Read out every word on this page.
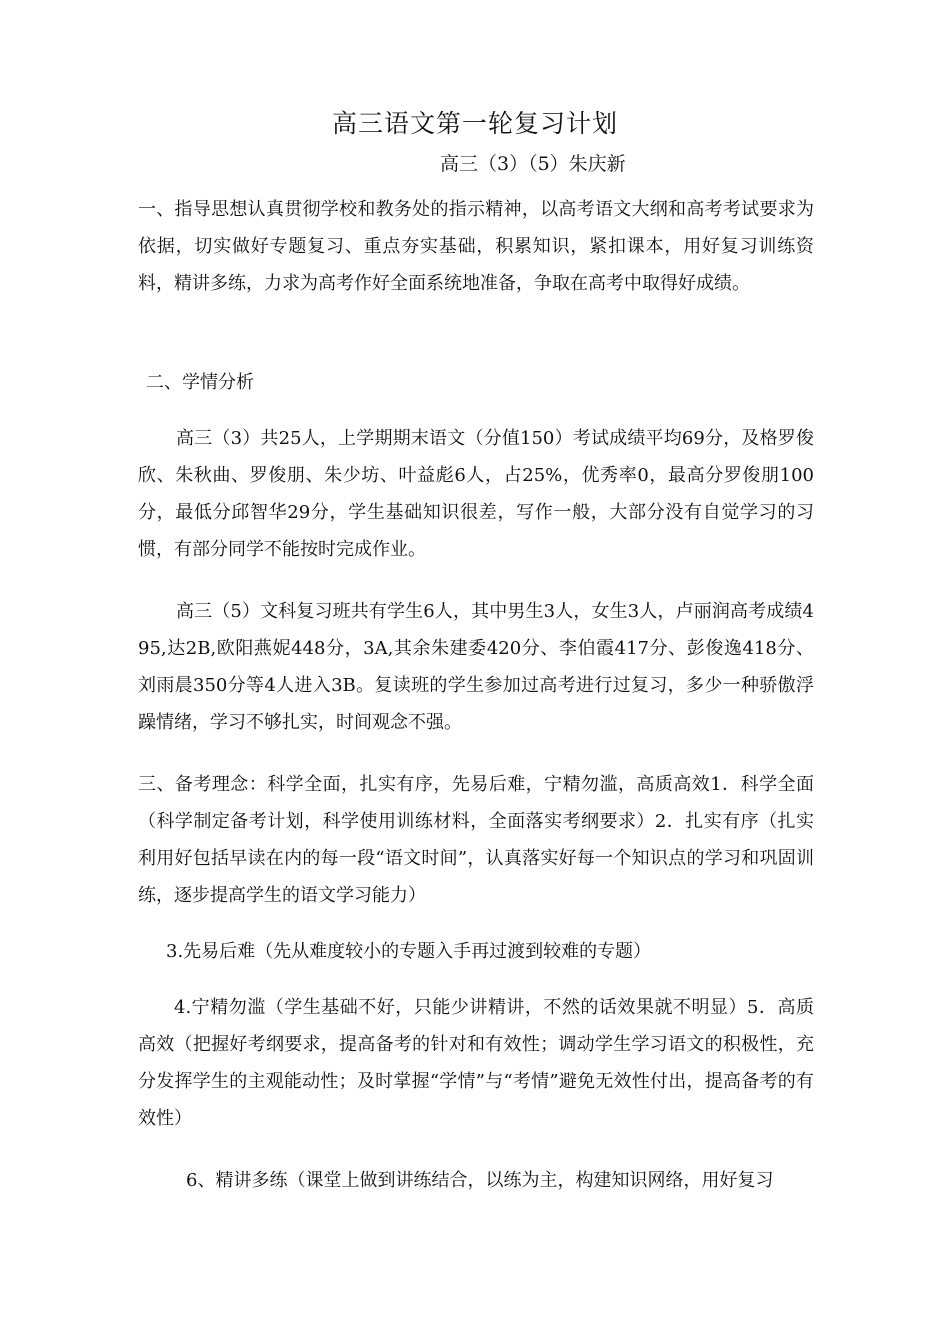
高三语文第一轮复习计划
高三（3）（5）朱庆新
一、指导思想认真贯彻学校和教务处的指示精神，以高考语文大纲和高考考试要求为依据，切实做好专题复习、重点夯实基础，积累知识，紧扣课本，用好复习训练资料，精讲多练，力求为高考作好全面系统地准备，争取在高考中取得好成绩。
二、学情分析
高三（3）共25人，上学期期末语文（分值150）考试成绩平均69分，及格罗俊欣、朱秋曲、罗俊朋、朱少坊、叶益彪6人，占25%，优秀率0，最高分罗俊朋100分，最低分邱智华29分，学生基础知识很差，写作一般，大部分没有自觉学习的习惯，有部分同学不能按时完成作业。
高三（5）文科复习班共有学生6人，其中男生3人，女生3人，卢丽润高考成绩495,达2B,欧阳燕妮448分，3A,其余朱建委420分、李伯霞417分、彭俊逸418分、刘雨晨350分等4人进入3B。复读班的学生参加过高考进行过复习，多少一种骄傲浮躁情绪，学习不够扎实，时间观念不强。
三、备考理念：科学全面，扎实有序，先易后难，宁精勿滥，高质高效1．科学全面（科学制定备考计划，科学使用训练材料，全面落实考纲要求）2．扎实有序（扎实利用好包括早读在内的每一段“语文时间”，认真落实好每一个知识点的学习和巩固训练，逐步提高学生的语文学习能力）
3.先易后难（先从难度较小的专题入手再过渡到较难的专题）
4.宁精勿滥（学生基础不好，只能少讲精讲，不然的话效果就不明显）5．高质高效（把握好考纲要求，提高备考的针对和有效性；调动学生学习语文的积极性，充分发挥学生的主观能动性；及时掌握“学情”与“考情”避免无效性付出，提高备考的有效性）
6、精讲多练（课堂上做到讲练结合，以练为主，构建知识网络，用好复习
